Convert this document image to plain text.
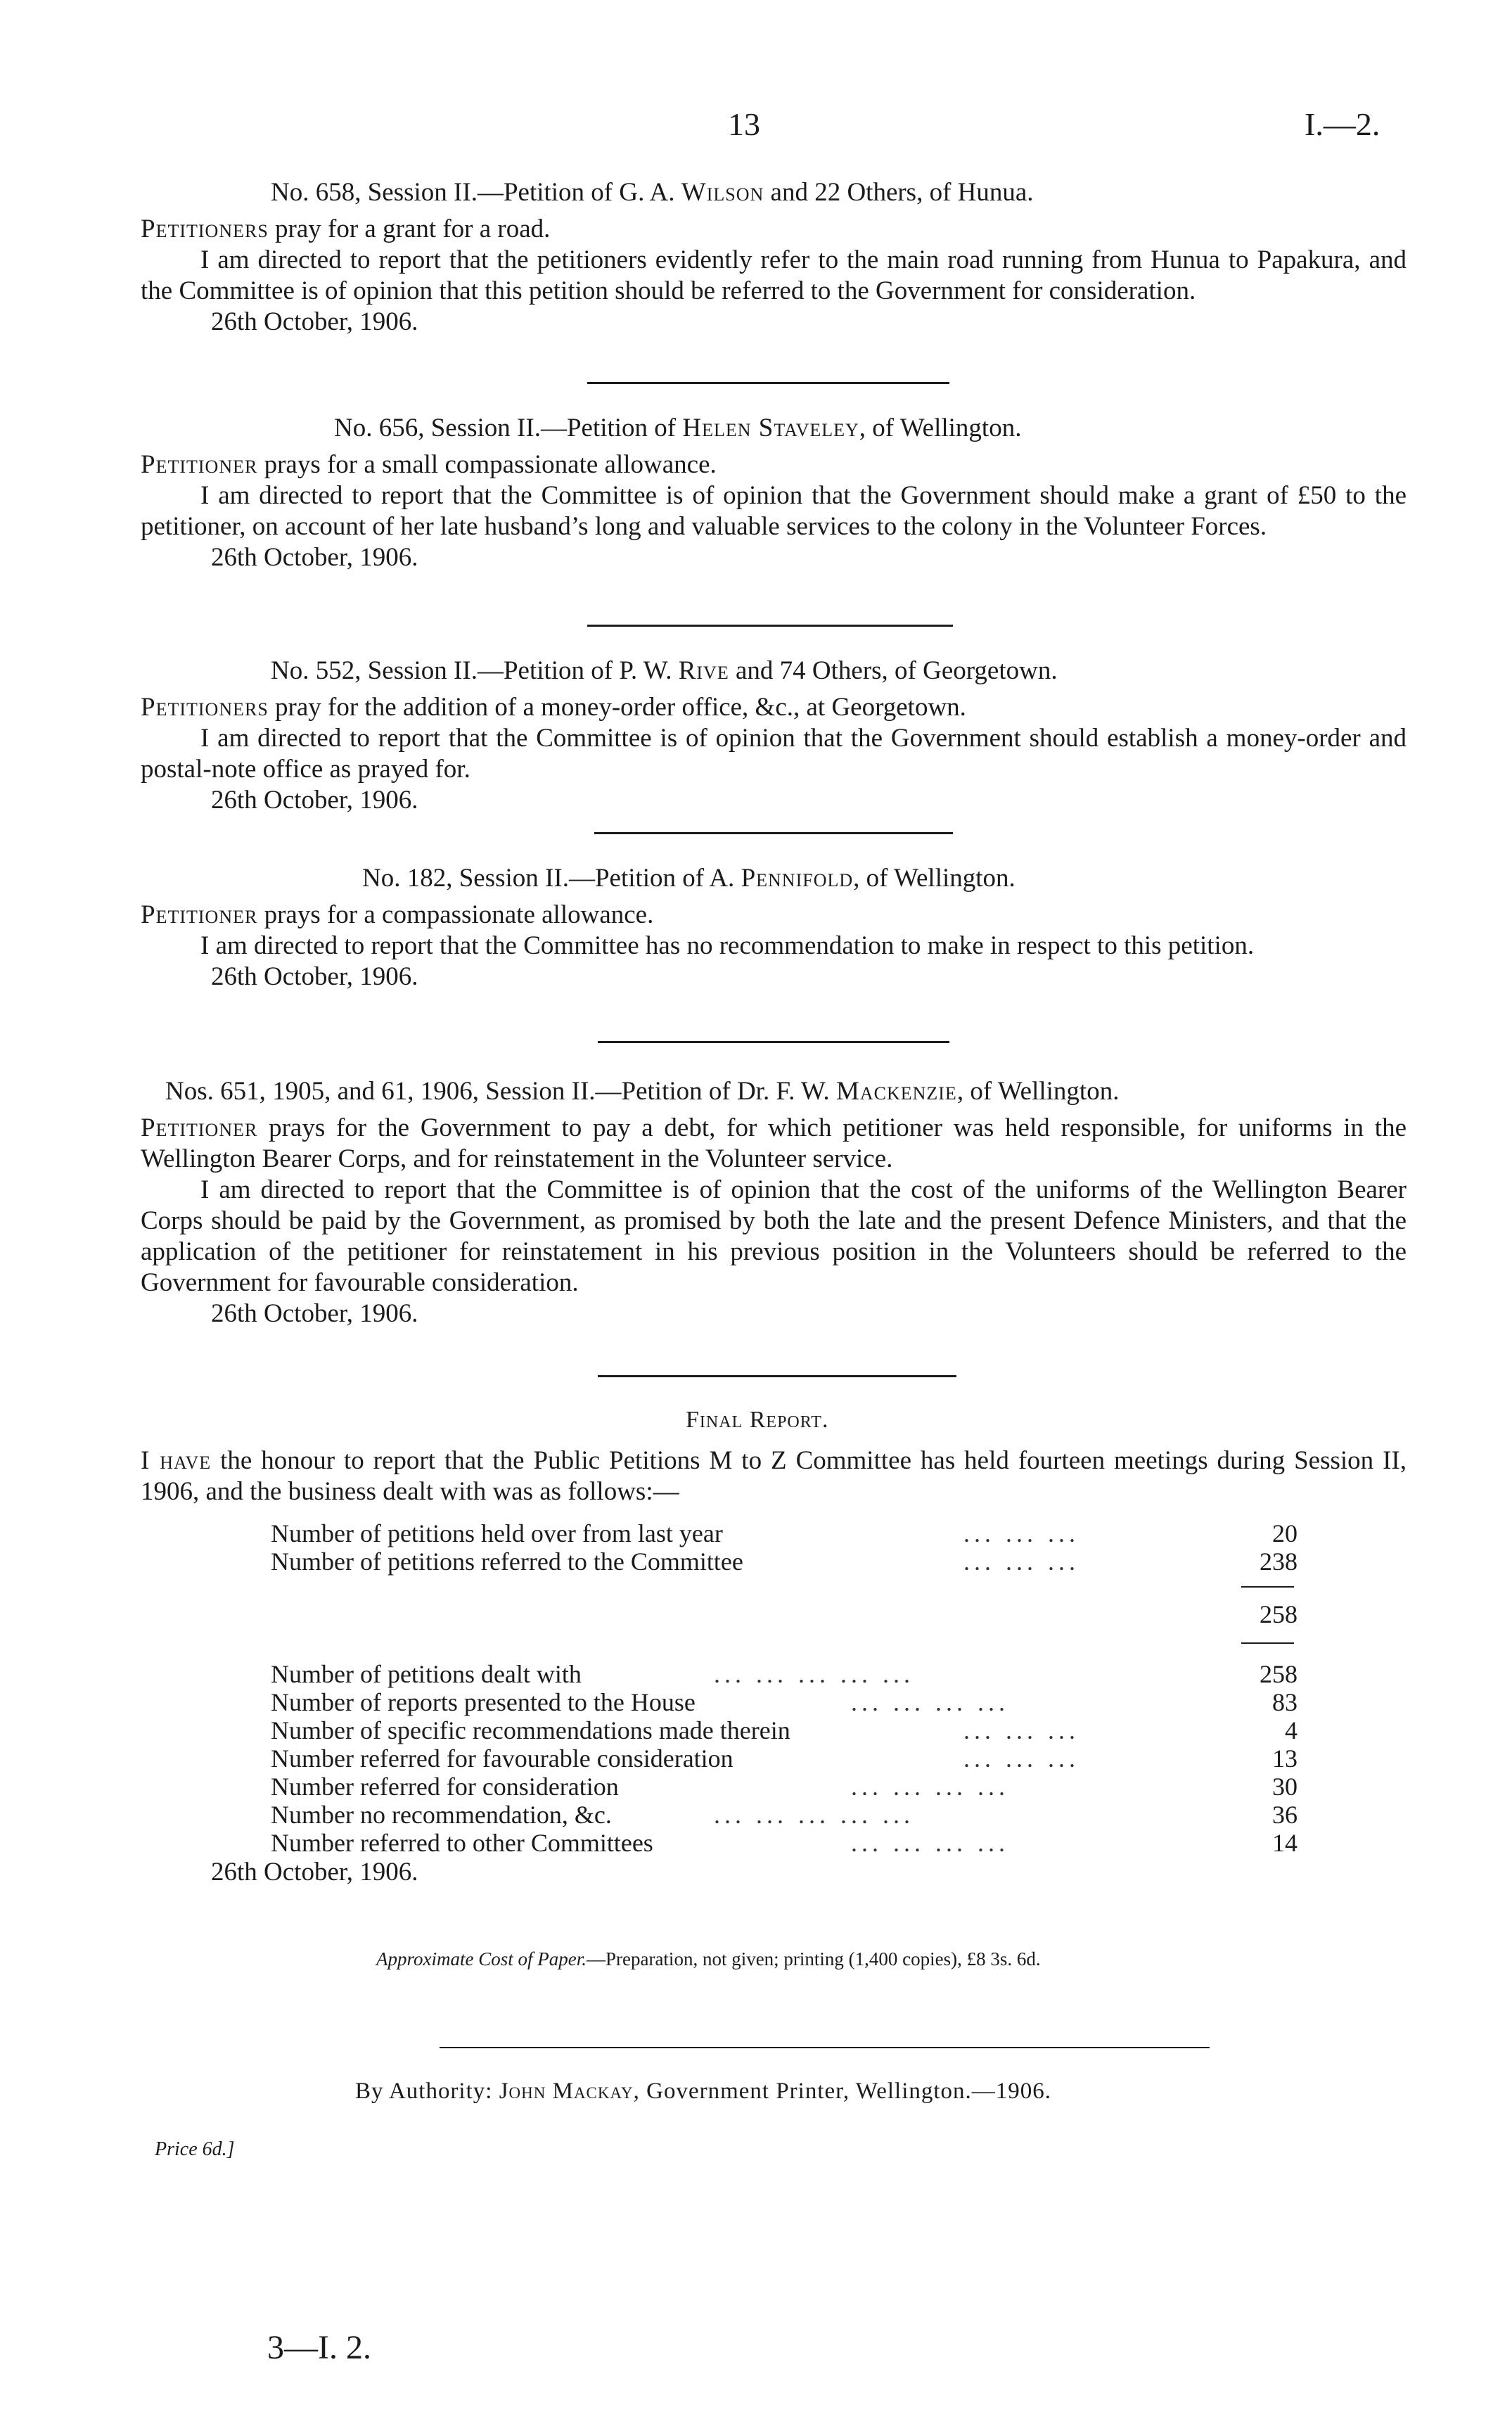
13	I.—2.
No. 658, Session II.—Petition of G. A. Wilson and 22 Others, of Hunua.

Petitioners pray for a grant for a road.

I am directed to report that the petitioners evidently refer to the main road running from Hunua to Papakura, and the Committee is of opinion that this petition should be referred to the Government for consideration.

26th October, 1906.

No. 656, Session II.—Petition of Helen Staveley, of Wellington.

Petitioner prays for a small compassionate allowance.

I am directed to report that the Committee is of opinion that the Government should make a grant of £50 to the petitioner, on account of her late husband’s long and valuable services to the colony in the Volunteer Forces.

26th October, 1906.

No. 552, Session II.—Petition of P. W. Rive and 74 Others, of Georgetown.

Petitioners pray for the addition of a money-order office, &c., at Georgetown.

I am directed to report that the Committee is of opinion that the Government should establish a money-order and postal-note office as prayed for.

26th October, 1906.

No. 182, Session II.—Petition of A. Pennifold, of Wellington.

Petitioner prays for a compassionate allowance.

I am directed to report that the Committee has no recommendation to make in respect to this petition.

26th October, 1906.

Nos. 651, 1905, and 61, 1906, Session II.—Petition of Dr. F. W. Mackenzie, of Wellington.

Petitioner prays for the Government to pay a debt, for which petitioner was held responsible, for uniforms in the Wellington Bearer Corps, and for reinstatement in the Volunteer service.

I am directed to report that the Committee is of opinion that the cost of the uniforms of the Wellington Bearer Corps should be paid by the Government, as promised by both the late and the present Defence Ministers, and that the application of the petitioner for reinstatement in his previous position in the Volunteers should be referred to the Government for favourable consideration.

26th October, 1906.

Final Report.

I have the honour to report that the Public Petitions M to Z Committee has held fourteen meetings during Session II, 1906, and the business dealt with was as follows:—

Number of petitions held over from last year	... ... ...	20
Number of petitions referred to the Committee	... ... ...	238
258
Number of petitions dealt with	... ... ... ... ...	258
Number of reports presented to the House	... ... ... ...	83
Number of specific recommendations made therein	... ... ...	4
Number referred for favourable consideration	... ... ...	13
Number referred for consideration	... ... ... ...	30
Number no recommendation, &c.	... ... ... ... ...	36
Number referred to other Committees	... ... ... ...	14
26th October, 1906.
Approximate Cost of Paper.—Preparation, not given; printing (1,400 copies), £8 3s. 6d.
By Authority: John Mackay, Government Printer, Wellington.—1906.
Price 6d.]
3—I. 2.
